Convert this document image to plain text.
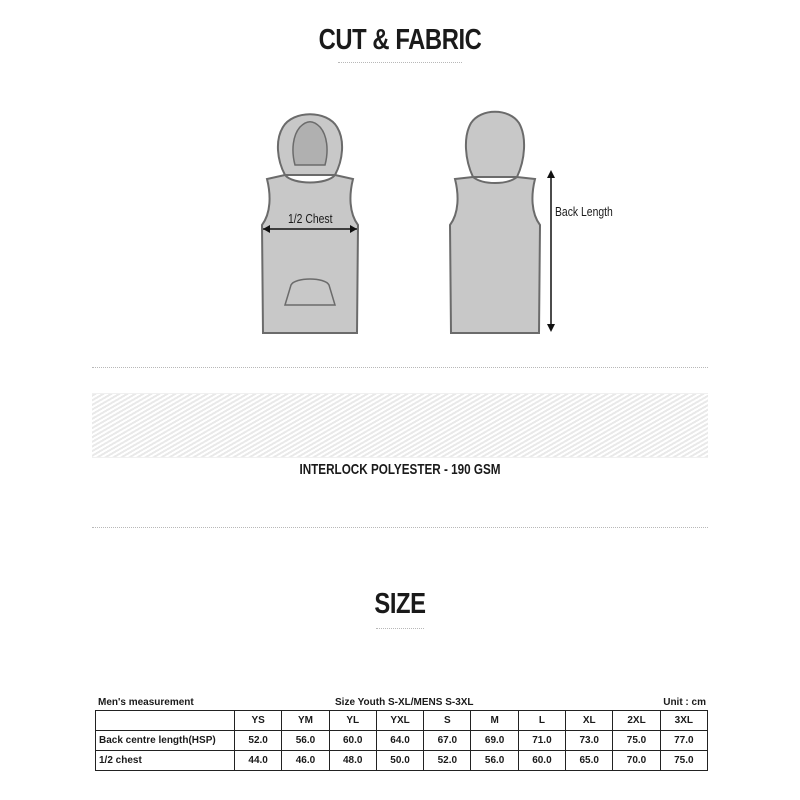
CUT & FABRIC
1/2 Chest	Back Length
INTERLOCK POLYESTER - 190 GSM
SIZE
Men's measurement	Size Youth S-XL/MENS S-3XL	Unit : cm
	YS	YM	YL	YXL	S	M	L	XL	2XL	3XL
Back centre length(HSP)	52.0	56.0	60.0	64.0	67.0	69.0	71.0	73.0	75.0	77.0
1/2 chest	44.0	46.0	48.0	50.0	52.0	56.0	60.0	65.0	70.0	75.0
